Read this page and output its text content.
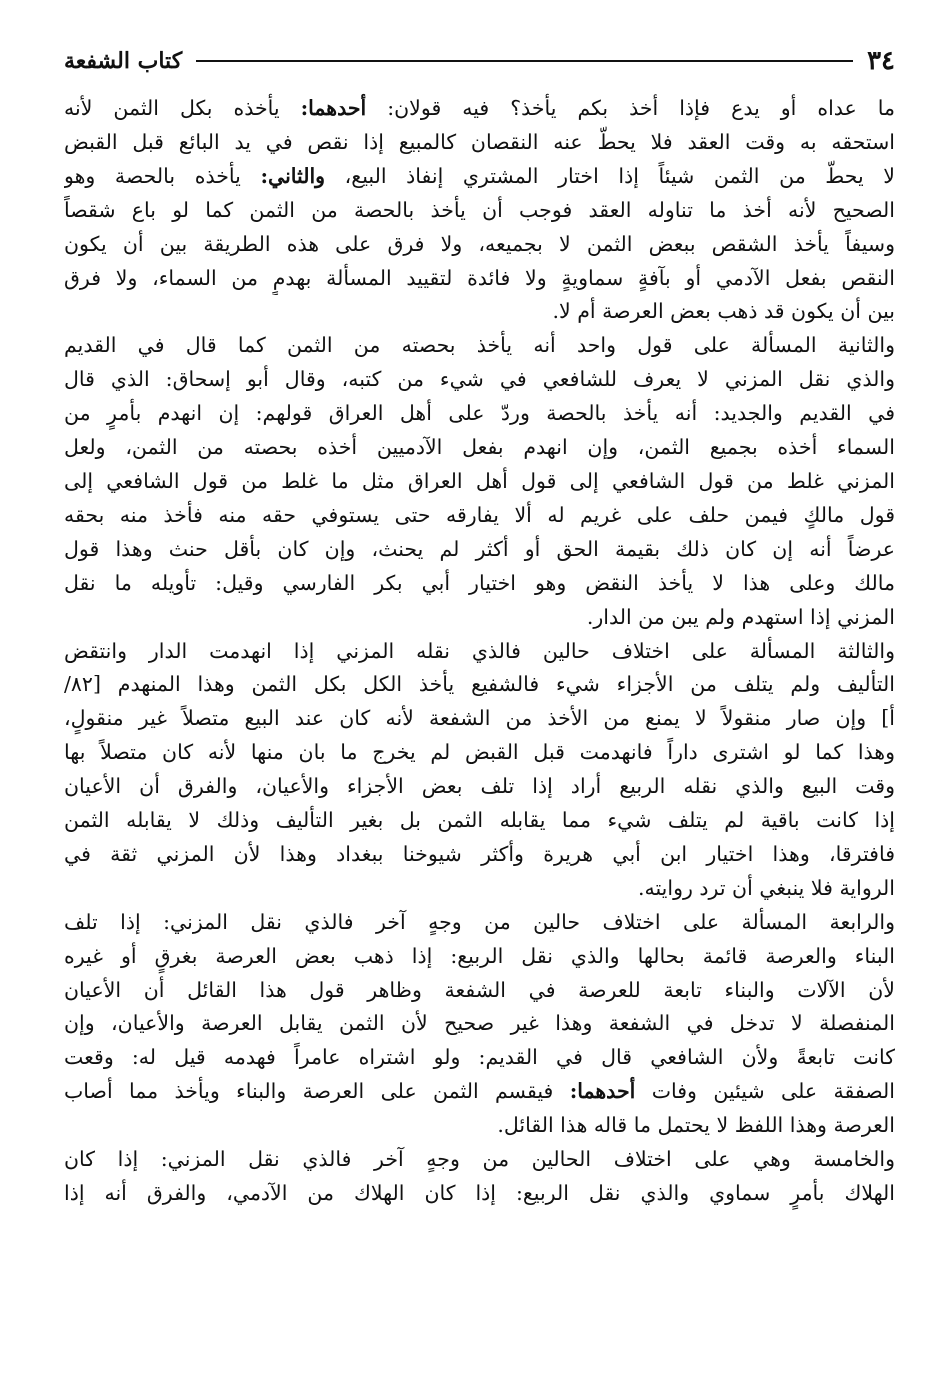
٣٤
كتاب الشفعة
ما عداه أو يدع فإذا أخذ بكم يأخذ؟ فيه قولان: أحدهما: يأخذه بكل الثمن لأنه
استحقه به وقت العقد فلا يحطّ عنه النقصان كالمبيع إذا نقص في يد البائع قبل القبض
لا يحطّ من الثمن شيئاً إذا اختار المشتري إنفاذ البيع، والثاني: يأخذه بالحصة وهو
الصحيح لأنه أخذ ما تناوله العقد فوجب أن يأخذ بالحصة من الثمن كما لو باع شقصاً
وسيفاً يأخذ الشقص ببعض الثمن لا بجميعه، ولا فرق على هذه الطريقة بين أن يكون
النقص بفعل الآدمي أو بآفةٍ سماويةٍ ولا فائدة لتقييد المسألة بهدمٍ من السماء، ولا فرق
بين أن يكون قد ذهب بعض العرصة أم لا.
والثانية المسألة على قول واحد أنه يأخذ بحصته من الثمن كما قال في القديم
والذي نقل المزني لا يعرف للشافعي في شيء من كتبه، وقال أبو إسحاق: الذي قال
في القديم والجديد: أنه يأخذ بالحصة وردّ على أهل العراق قولهم: إن انهدم بأمرٍ من
السماء أخذه بجميع الثمن، وإن انهدم بفعل الآدميين أخذه بحصته من الثمن، ولعل
المزني غلط من قول الشافعي إلى قول أهل العراق مثل ما غلط من قول الشافعي إلى
قول مالكٍ فيمن حلف على غريم له ألا يفارقه حتى يستوفي حقه منه فأخذ منه بحقه
عرضاً أنه إن كان ذلك بقيمة الحق أو أكثر لم يحنث، وإن كان بأقل حنث وهذا قول
مالك وعلى هذا لا يأخذ النقض وهو اختيار أبي بكر الفارسي وقيل: تأويله ما نقل
المزني إذا استهدم ولم يبن من الدار.
والثالثة المسألة على اختلاف حالين فالذي نقله المزني إذا انهدمت الدار وانتقض
التأليف ولم يتلف من الأجزاء شيء فالشفيع يأخذ الكل بكل الثمن وهذا المنهدم [٨٢/
أ] وإن صار منقولاً لا يمنع من الأخذ من الشفعة لأنه كان عند البيع متصلاً غير منقولٍ،
وهذا كما لو اشترى داراً فانهدمت قبل القبض لم يخرج ما بان منها لأنه كان متصلاً بها
وقت البيع والذي نقله الربيع أراد إذا تلف بعض الأجزاء والأعيان، والفرق أن الأعيان
إذا كانت باقية لم يتلف شيء مما يقابله الثمن بل بغير التأليف وذلك لا يقابله الثمن
فافترقا، وهذا اختيار ابن أبي هريرة وأكثر شيوخنا ببغداد وهذا لأن المزني ثقة في
الرواية فلا ينبغي أن ترد روايته.
والرابعة المسألة على اختلاف حالين من وجهٍ آخر فالذي نقل المزني: إذا تلف
البناء والعرصة قائمة بحالها والذي نقل الربيع: إذا ذهب بعض العرصة بغرقٍ أو غيره
لأن الآلات والبناء تابعة للعرصة في الشفعة وظاهر قول هذا القائل أن الأعيان
المنفصلة لا تدخل في الشفعة وهذا غير صحيح لأن الثمن يقابل العرصة والأعيان، وإن
كانت تابعةً ولأن الشافعي قال في القديم: ولو اشتراه عامراً فهدمه قيل له: وقعت
الصفقة على شيئين وفات أحدهما: فيقسم الثمن على العرصة والبناء ويأخذ مما أصاب
العرصة وهذا اللفظ لا يحتمل ما قاله هذا القائل.
والخامسة وهي على اختلاف الحالين من وجهٍ آخر فالذي نقل المزني: إذا كان
الهلاك بأمرٍ سماوي والذي نقل الربيع: إذا كان الهلاك من الآدمي، والفرق أنه إذا
